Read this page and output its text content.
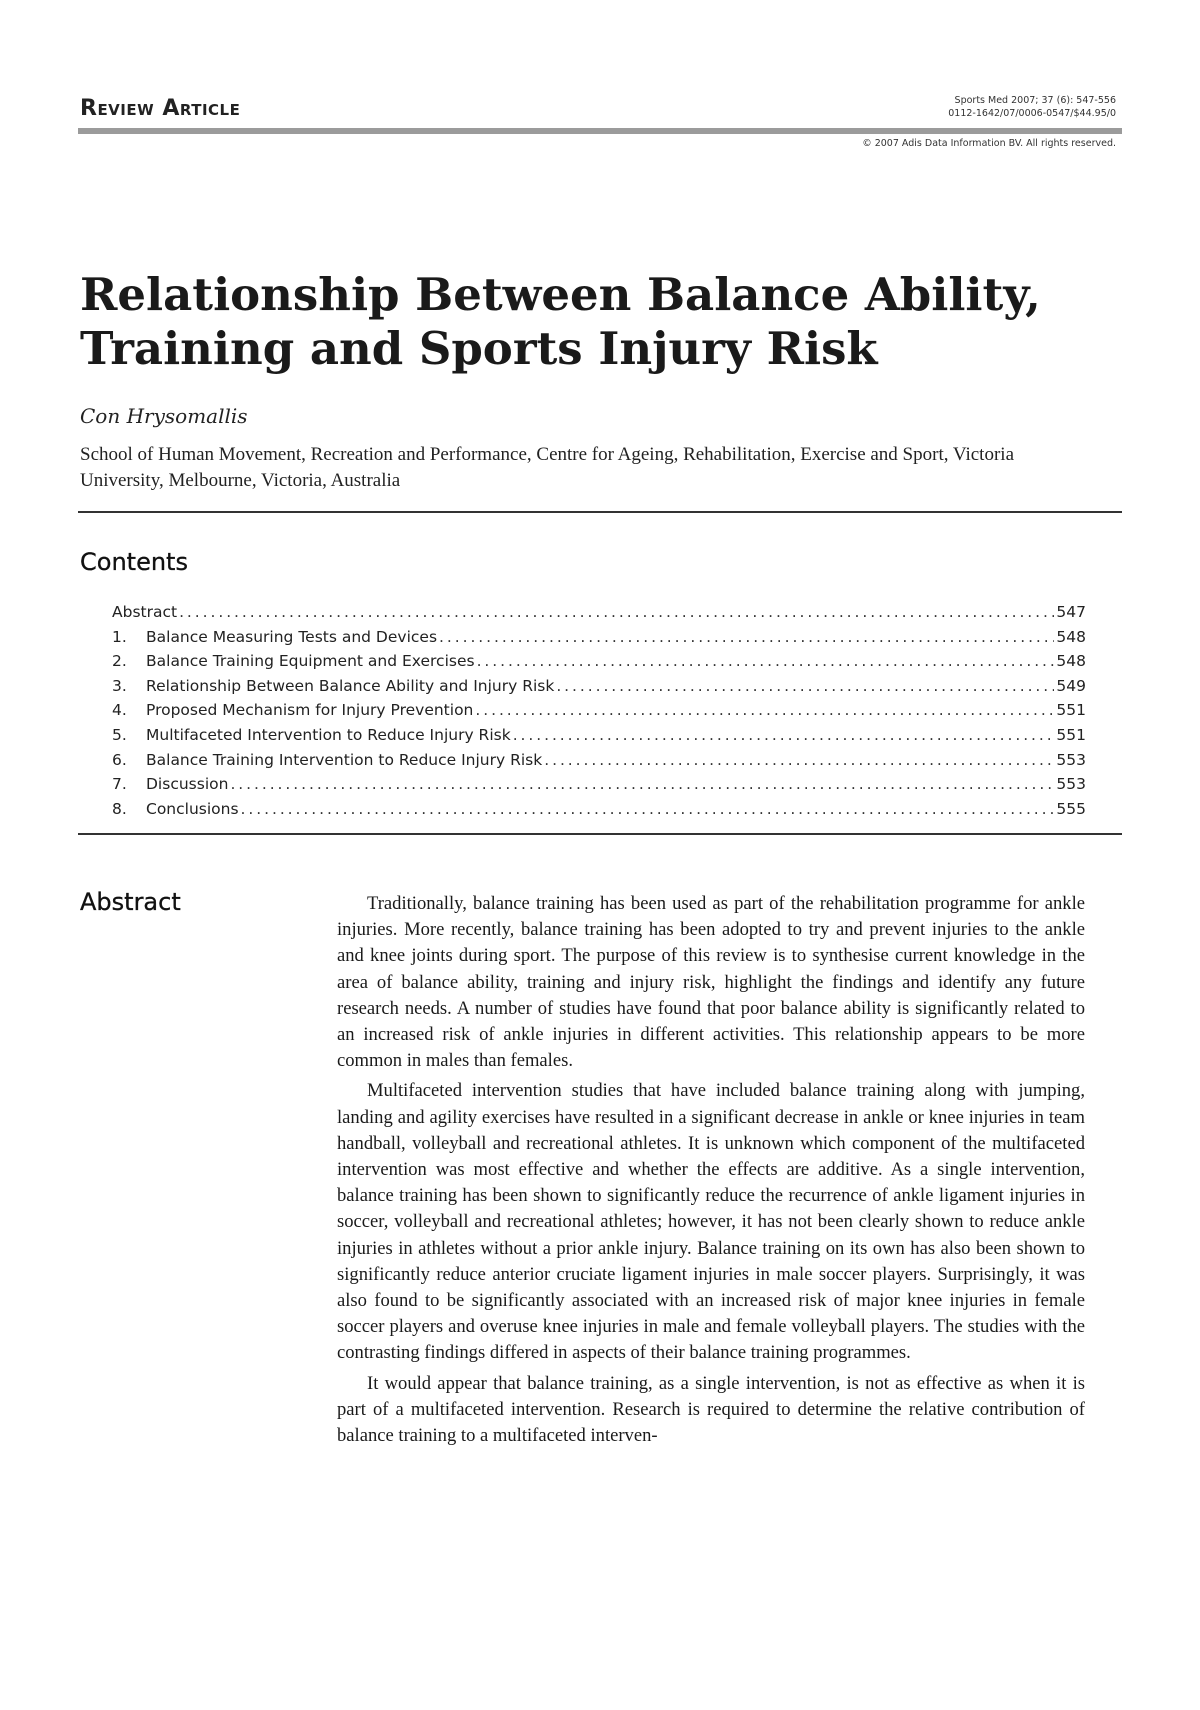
Review Article	Sports Med 2007; 37 (6): 547-556
0112-1642/07/0006-0547/$44.95/0
© 2007 Adis Data Information BV. All rights reserved.
Relationship Between Balance Ability, Training and Sports Injury Risk
Con Hrysomallis
School of Human Movement, Recreation and Performance, Centre for Ageing, Rehabilitation, Exercise and Sport, Victoria University, Melbourne, Victoria, Australia
Contents
Abstract . . .	547
1.	Balance Measuring Tests and Devices . . .	548
2.	Balance Training Equipment and Exercises . . .	548
3.	Relationship Between Balance Ability and Injury Risk . . .	549
4.	Proposed Mechanism for Injury Prevention . . .	551
5.	Multifaceted Intervention to Reduce Injury Risk . . .	551
6.	Balance Training Intervention to Reduce Injury Risk . . .	553
7.	Discussion . . .	553
8.	Conclusions . . .	555
Abstract	Traditionally, balance training has been used as part of the rehabilitation programme for ankle injuries. More recently, balance training has been adopted to try and prevent injuries to the ankle and knee joints during sport. The purpose of this review is to synthesise current knowledge in the area of balance ability, training and injury risk, highlight the findings and identify any future research needs. A number of studies have found that poor balance ability is significantly related to an increased risk of ankle injuries in different activities. This relationship appears to be more common in males than females.

Multifaceted intervention studies that have included balance training along with jumping, landing and agility exercises have resulted in a significant decrease in ankle or knee injuries in team handball, volleyball and recreational athletes. It is unknown which component of the multifaceted intervention was most effective and whether the effects are additive. As a single intervention, balance training has been shown to significantly reduce the recurrence of ankle ligament injuries in soccer, volleyball and recreational athletes; however, it has not been clearly shown to reduce ankle injuries in athletes without a prior ankle injury. Balance training on its own has also been shown to significantly reduce anterior cruciate ligament injuries in male soccer players. Surprisingly, it was also found to be significantly associated with an increased risk of major knee injuries in female soccer players and overuse knee injuries in male and female volleyball players. The studies with the contrasting findings differed in aspects of their balance training programmes.

It would appear that balance training, as a single intervention, is not as effective as when it is part of a multifaceted intervention. Research is required to determine the relative contribution of balance training to a multifaceted interven-
